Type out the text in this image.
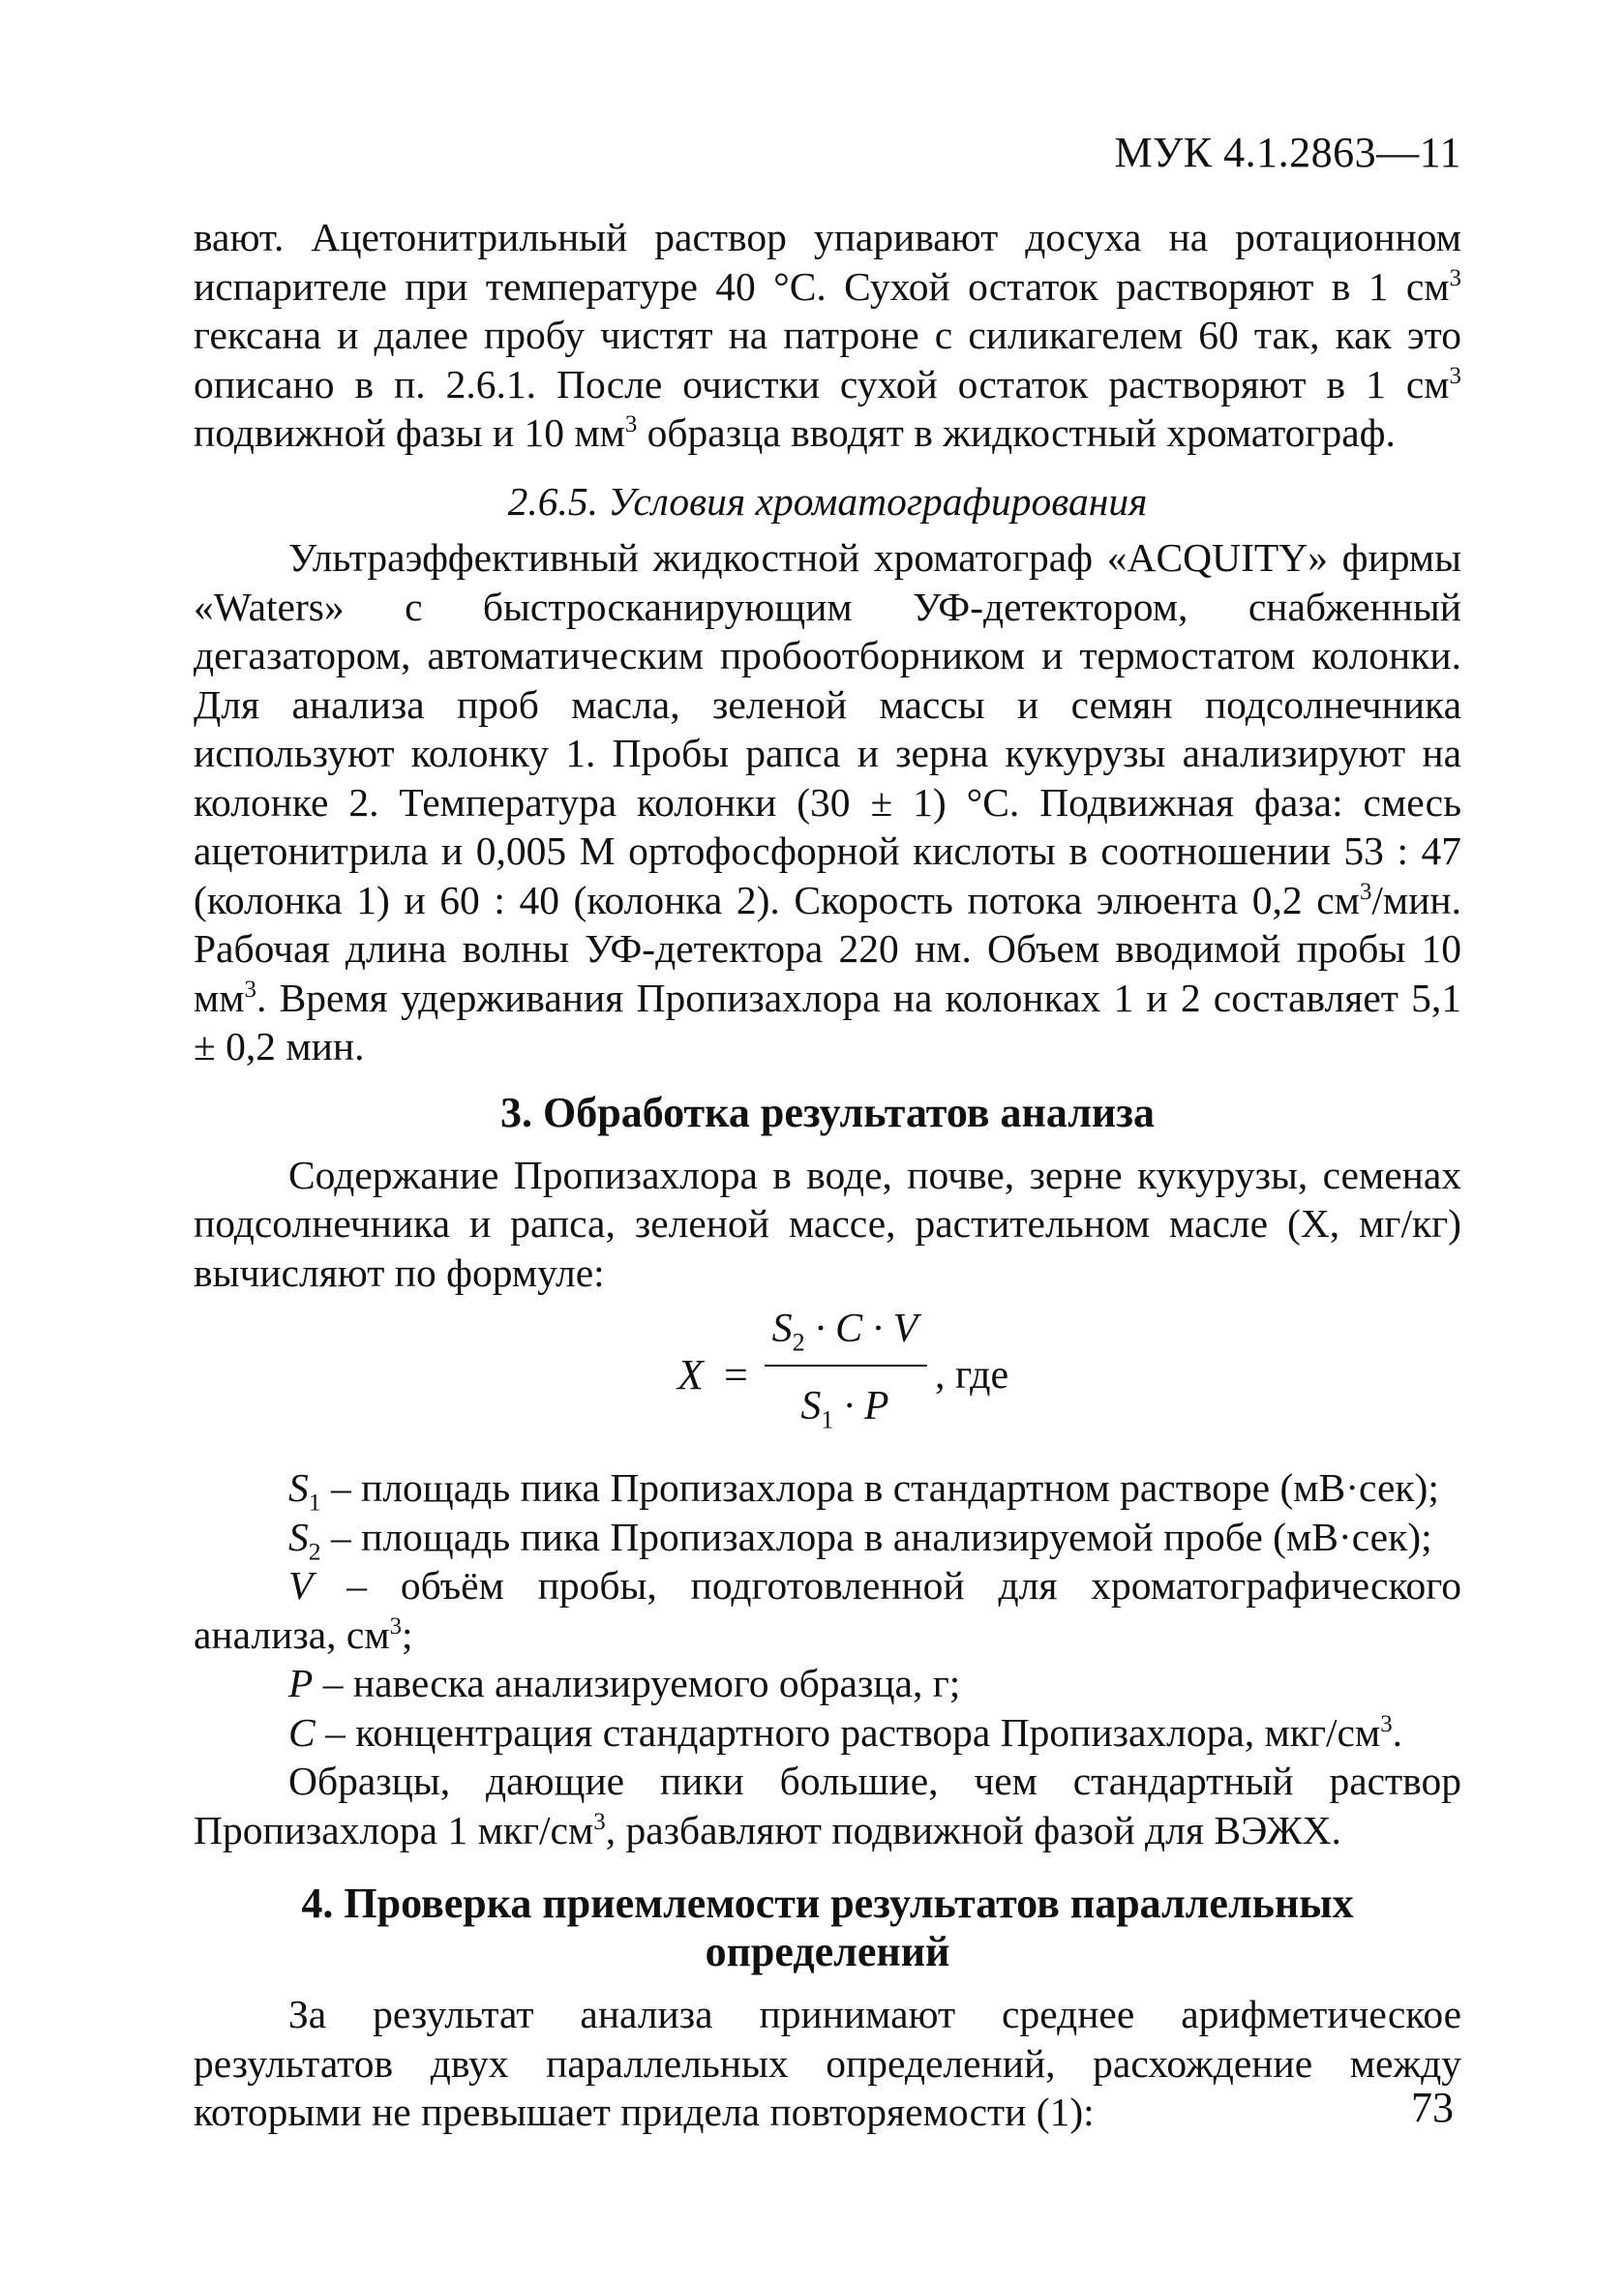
МУК 4.1.2863—11

вают. Ацетонитрильный раствор упаривают досуха на ротационном испарителе при температуре 40 °С. Сухой остаток растворяют в 1 $см^3$ гексана и далее пробу чистят на патроне с силикагелем 60 так, как это описано в п. 2.6.1. После очистки сухой остаток растворяют в 1 $см^3$ подвижной фазы и 10 $мм^3$ образца вводят в жидкостный хроматограф.

2.6.5. Условия хроматографирования

Ультраэффективный жидкостной хроматограф «ACQUITY» фирмы «Waters» с быстросканирующим УФ-детектором, снабженный дегазатором, автоматическим пробоотборником и термостатом колонки. Для анализа проб масла, зеленой массы и семян подсолнечника используют колонку 1. Пробы рапса и зерна кукурузы анализируют на колонке 2. Температура колонки (30 ± 1) °С. Подвижная фаза: смесь ацетонитрила и 0,005 М ортофосфорной кислоты в соотношении 53 : 47 (колонка 1) и 60 : 40 (колонка 2). Скорость потока элюента 0,2 $см^3$/мин. Рабочая длина волны УФ-детектора 220 нм. Объем вводимой пробы 10 $мм^3$. Время удерживания Пропизахлора на колонках 1 и 2 составляет 5,1 ± 0,2 мин.

3. Обработка результатов анализа

Содержание Пропизахлора в воде, почве, зерне кукурузы, семенах подсолнечника и рапса, зеленой массе, растительном масле (Х, мг/кг) вычисляют по формуле:

X =
$S_2 \cdot C \cdot V$
$S_1 \cdot P$
, где

$S_1$ – площадь пика Пропизахлора в стандартном растворе (мВ·сек);

$S_2$ – площадь пика Пропизахлора в анализируемой пробе (мВ·сек);

V – объём пробы, подготовленной для хроматографического анализа, $см^3$;

P – навеска анализируемого образца, г;

C – концентрация стандартного раствора Пропизахлора, мкг/$см^3$.

Образцы, дающие пики большие, чем стандартный раствор Пропизахлора 1 мкг/$см^3$, разбавляют подвижной фазой для ВЭЖХ.

4. Проверка приемлемости результатов параллельных
определений

За результат анализа принимают среднее арифметическое результатов двух параллельных определений, расхождение между которыми не превышает придела повторяемости (1):	73
